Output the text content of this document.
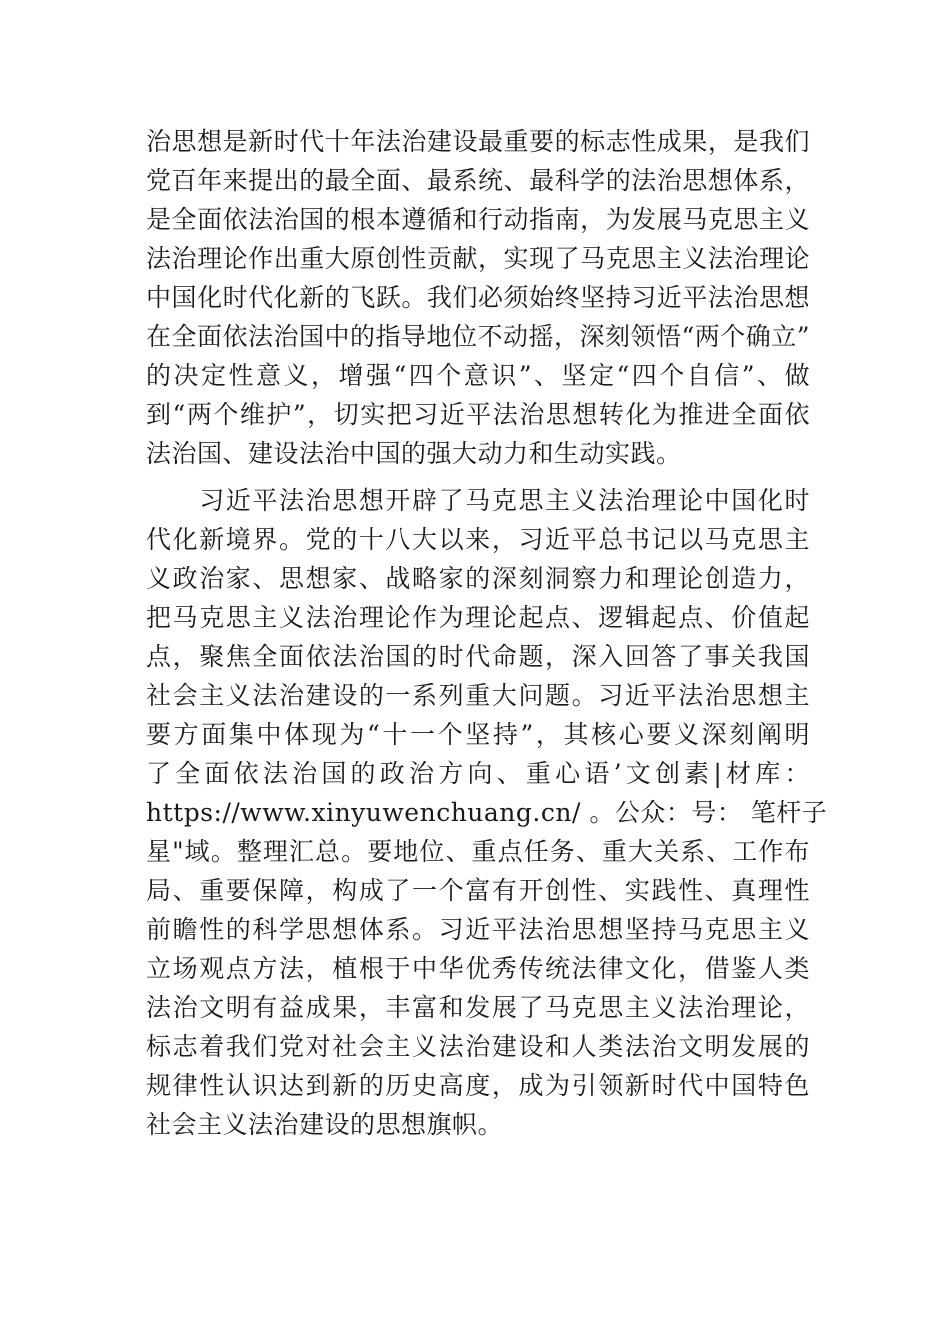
治思想是新时代十年法治建设最重要的标志性成果，是我们
党百年来提出的最全面、最系统、最科学的法治思想体系，
是全面依法治国的根本遵循和行动指南，为发展马克思主义
法治理论作出重大原创性贡献，实现了马克思主义法治理论
中国化时代化新的飞跃。我们必须始终坚持习近平法治思想
在全面依法治国中的指导地位不动摇，深刻领悟“两个确立”
的决定性意义，增强“四个意识”、坚定“四个自信”、做
到“两个维护”，切实把习近平法治思想转化为推进全面依
法治国、建设法治中国的强大动力和生动实践。
　　习近平法治思想开辟了马克思主义法治理论中国化时
代化新境界。党的十八大以来，习近平总书记以马克思主
义政治家、思想家、战略家的深刻洞察力和理论创造力，
把马克思主义法治理论作为理论起点、逻辑起点、价值起
点，聚焦全面依法治国的时代命题，深入回答了事关我国
社会主义法治建设的一系列重大问题。习近平法治思想主
要方面集中体现为“十一个坚持”，其核心要义深刻阐明
了全面依法治国的政治方向、重心语’文创素|材库：
https://www.xinyuwenchuang.cn/ 。公众：号： 笔杆子
星"域。整理汇总。要地位、重点任务、重大关系、工作布
局、重要保障，构成了一个富有开创性、实践性、真理性
前瞻性的科学思想体系。习近平法治思想坚持马克思主义
立场观点方法，植根于中华优秀传统法律文化，借鉴人类
法治文明有益成果，丰富和发展了马克思主义法治理论，
标志着我们党对社会主义法治建设和人类法治文明发展的
规律性认识达到新的历史高度，成为引领新时代中国特色
社会主义法治建设的思想旗帜。
